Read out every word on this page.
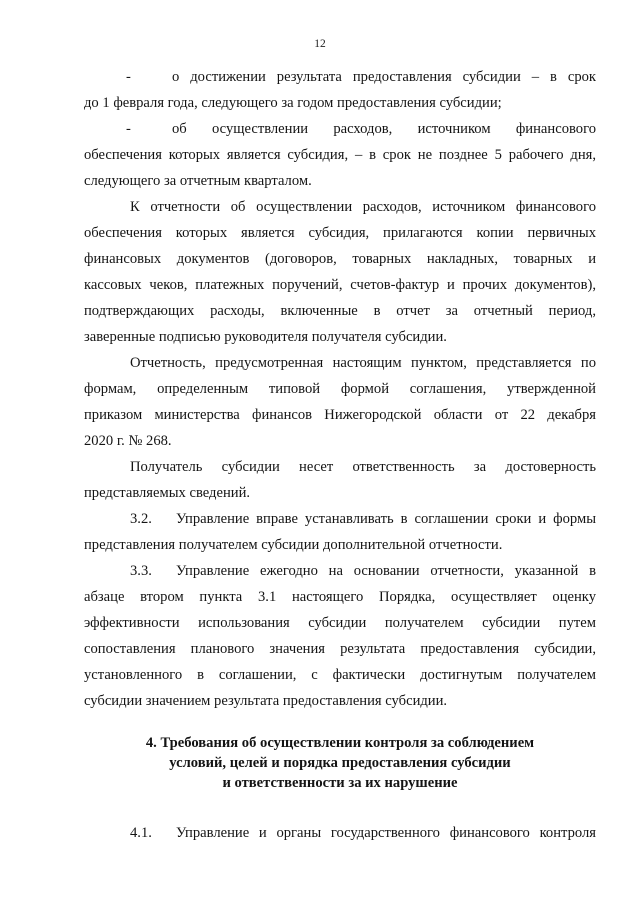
12
-	о достижении результата предоставления субсидии – в срок
до 1 февраля года, следующего за годом предоставления субсидии;
-	об осуществлении расходов, источником финансового
обеспечения которых является субсидия, – в срок не позднее 5 рабочего дня,
следующего за отчетным кварталом.
К отчетности об осуществлении расходов, источником финансового
обеспечения которых является субсидия, прилагаются копии первичных
финансовых документов (договоров, товарных накладных, товарных и
кассовых чеков, платежных поручений, счетов-фактур и прочих документов),
подтверждающих расходы, включенные в отчет за отчетный период,
заверенные подписью руководителя получателя субсидии.
Отчетность, предусмотренная настоящим пунктом, представляется по
формам, определенным типовой формой соглашения, утвержденной
приказом министерства финансов Нижегородской области от 22 декабря
2020 г. № 268.
Получатель субсидии несет ответственность за достоверность
представляемых сведений.
3.2.	Управление вправе устанавливать в соглашении сроки и формы
представления получателем субсидии дополнительной отчетности.
3.3.	Управление ежегодно на основании отчетности, указанной в
абзаце втором пункта 3.1 настоящего Порядка, осуществляет оценку
эффективности использования субсидии получателем субсидии путем
сопоставления планового значения результата предоставления субсидии,
установленного в соглашении, с фактически достигнутым получателем
субсидии значением результата предоставления субсидии.
4. Требования об осуществлении контроля за соблюдением
условий, целей и порядка предоставления субсидии
и ответственности за их нарушение
4.1.	Управление и органы государственного финансового контроля
